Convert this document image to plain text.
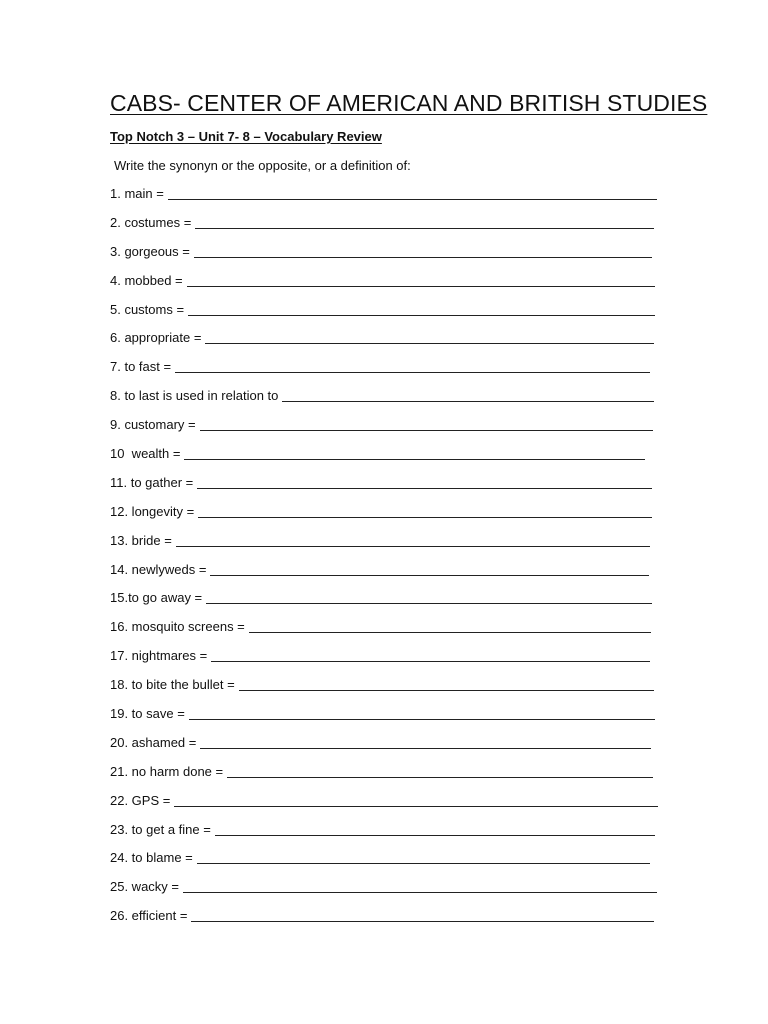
CABS- CENTER OF AMERICAN AND BRITISH STUDIES
Top Notch 3 – Unit 7- 8 – Vocabulary Review
Write the synonyn or the opposite, or a definition of:
1. main =
2. costumes =
3. gorgeous =
4. mobbed =
5. customs =
6. appropriate =
7. to fast =
8. to last is used in relation to
9. customary =
10  wealth =
11. to gather =
12. longevity =
13. bride =
14. newlyweds =
15.to go away =
16. mosquito screens =
17. nightmares =
18. to bite the bullet =
19. to save =
20. ashamed =
21. no harm done =
22. GPS =
23. to get a fine =
24. to blame =
25. wacky =
26. efficient =
